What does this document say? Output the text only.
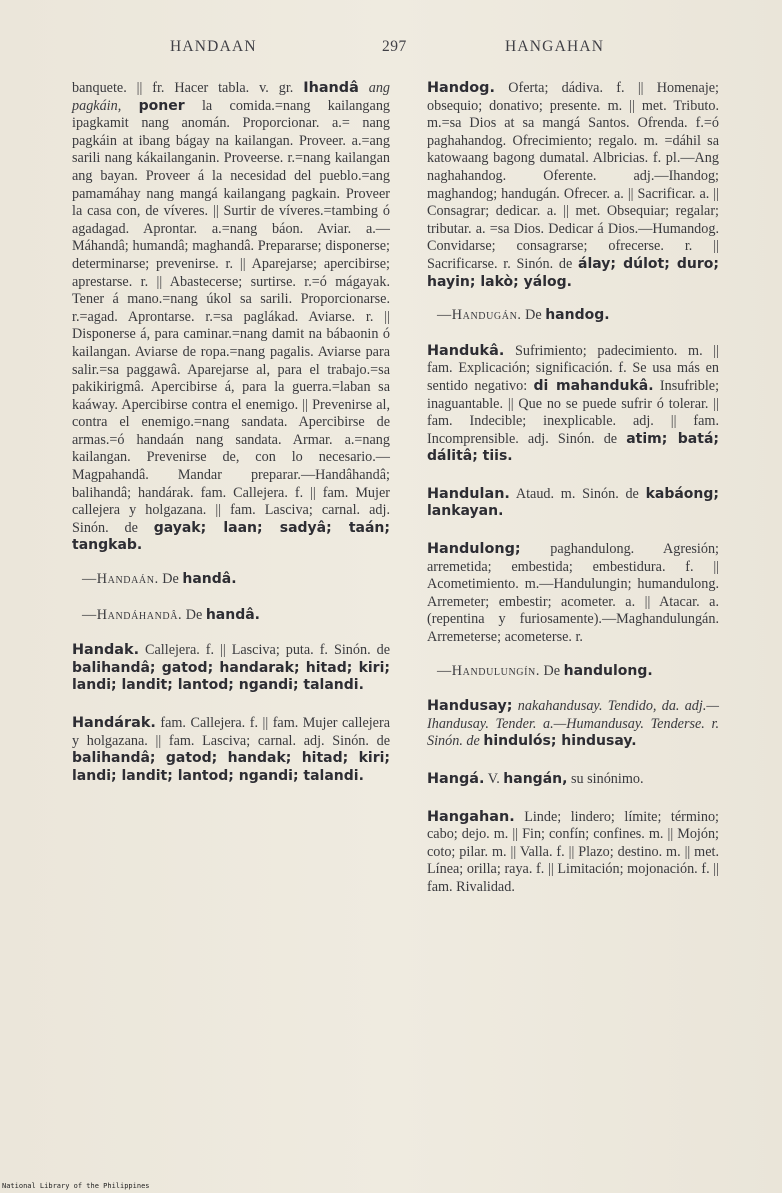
HANDAAN	297	HANGAHAN
banquete. || fr. Hacer tabla. v. gr. Ihandâ ang pagkáin, poner la comida.=nang kailangang ipagkamit nang anomán. Proporcionar. a.= nang pagkáin at ibang bágay na kailangan. Proveer. a.=ang sarili nang kákailanganin. Proveerse. r.=nang kailangan ang bayan. Proveer á la necesidad del pueblo.=ang pamamáhay nang mangá kailangang pagkain. Proveer la casa con, de víveres. || Surtir de víveres.=tambing ó agadagad. Aprontar. a.=nang báon. Aviar. a.—Máhandâ; humandâ; maghandâ. Prepararse; disponerse; determinarse; prevenirse. r. || Aparejarse; apercibirse; aprestarse. r. || Abastecerse; surtirse. r.=ó mágayak. Tener á mano.=nang úkol sa sarili. Proporcionarse. r.=agad. Aprontarse. r.=sa paglákad. Aviarse. r. || Disponerse á, para caminar.=nang damit na bábaonin ó kailangan. Aviarse de ropa.=nang pagalis. Aviarse para salir.=sa paggawâ. Aparejarse al, para el trabajo.=sa pakikirigmâ. Apercibirse á, para la guerra.=laban sa kaáway. Apercibirse contra el enemigo. || Prevenirse al, contra el enemigo.=nang sandata. Apercibirse de armas.=ó handaán nang sandata. Armar. a.=nang kailangan. Prevenirse de, con lo necesario.—Magpahandâ. Mandar preparar.—Handâhandâ; balihandâ; handárak. fam. Callejera. f. || fam. Mujer callejera y holgazana. || fam. Lasciva; carnal. adj. Sinón. de gayak; laan; sadyâ; taán; tangkab.
—Handaán. De handâ.
—Handáhandâ. De handâ.
Handak. Callejera. f. || Lasciva; puta. f. Sinón. de balihandâ; gatod; handarak; hitad; kiri; landi; landit; lantod; ngandi; talandi.
Handárak. fam. Callejera. f. || fam. Mujer callejera y holgazana. || fam. Lasciva; carnal. adj. Sinón. de balihandâ; gatod; handak; hitad; kiri; landi; landit; lantod; ngandi; talandi.
Handog. Oferta; dádiva. f. || Homenaje; obsequio; donativo; presente. m. || met. Tributo. m.=sa Dios at sa mangá Santos. Ofrenda. f.=ó paghahandog. Ofrecimiento; regalo. m. =dáhil sa katowaang bagong dumatal. Albricias. f. pl.—Ang naghahandog. Oferente. adj.—Ihandog; maghandog; handugán. Ofrecer. a. || Sacrificar. a. || Consagrar; dedicar. a. || met. Obsequiar; regalar; tributar. a. =sa Dios. Dedicar á Dios.—Humandog. Convidarse; consagrarse; ofrecerse. r. || Sacrificarse. r. Sinón. de álay; dúlot; duro; hayin; lakò; yálog.
—Handugán. De handog.
Handukâ. Sufrimiento; padecimiento. m. || fam. Explicación; significación. f. Se usa más en sentido negativo: di mahandukâ. Insufrible; inaguantable. || Que no se puede sufrir ó tolerar. || fam. Indecible; inexplicable. adj. || fam. Incomprensible. adj. Sinón. de atim; batá; dálitâ; tiis.
Handulan. Ataud. m. Sinón. de kabáong; lankayan.
Handulong; paghandulong. Agresión; arremetida; embestida; embestidura. f. || Acometimiento. m.—Handulungin; humandulong. Arremeter; embestir; acometer. a. || Atacar. a. (repentina y furiosamente).—Maghandulungán. Arremeterse; acometerse. r.
—Handulungín. De handulong.
Handusay; nakahandusay. Tendido, da. adj.—Ihandusay. Tender. a.—Humandusay. Tenderse. r. Sinón. de hindulós; hindusay.
Hangá. V. hangán, su sinónimo.
Hangahan. Linde; lindero; límite; término; cabo; dejo. m. || Fin; confín; confines. m. || Mojón; coto; pilar. m. || Valla. f. || Plazo; destino. m. || met. Línea; orilla; raya. f. || Limitación; mojonación. f. || fam. Rivalidad.
National Library of the Philippines
